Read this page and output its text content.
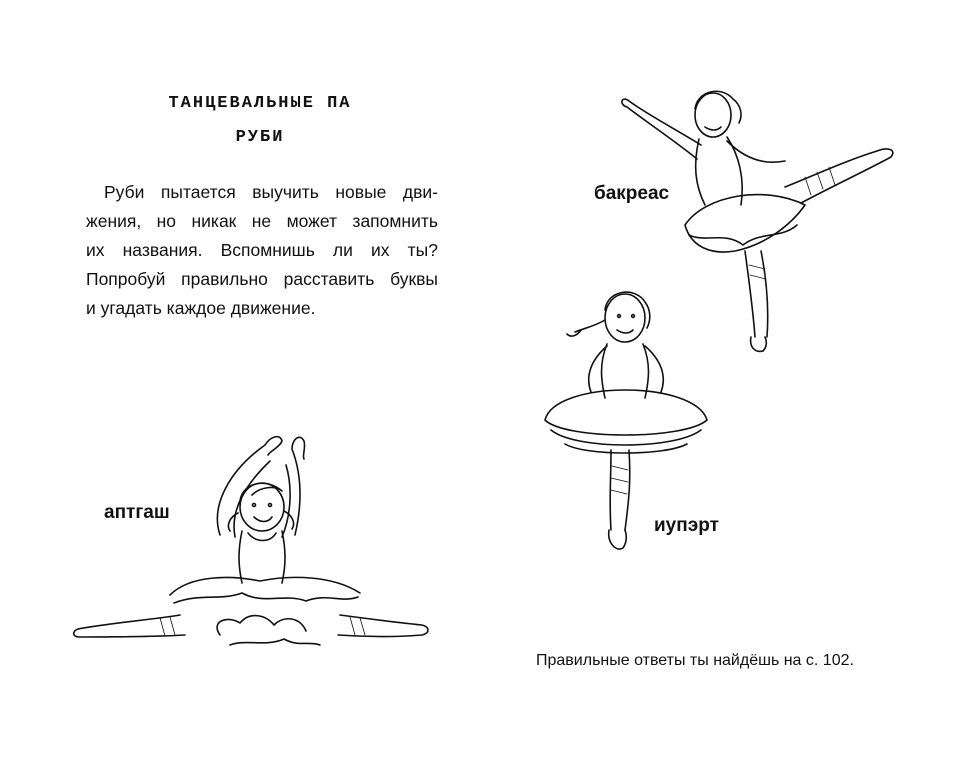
ТАНЦЕВАЛЬНЫЕ ПА
РУБИ

Руби пытается выучить новые дви-
жения, но никак не может запомнить
их названия. Вспомнишь ли их ты?
Попробуй правильно расставить буквы
и угадать каждое движение.

аптгаш
бакреас
иупэрт
Правильные ответы ты найдёшь на с. 102.
